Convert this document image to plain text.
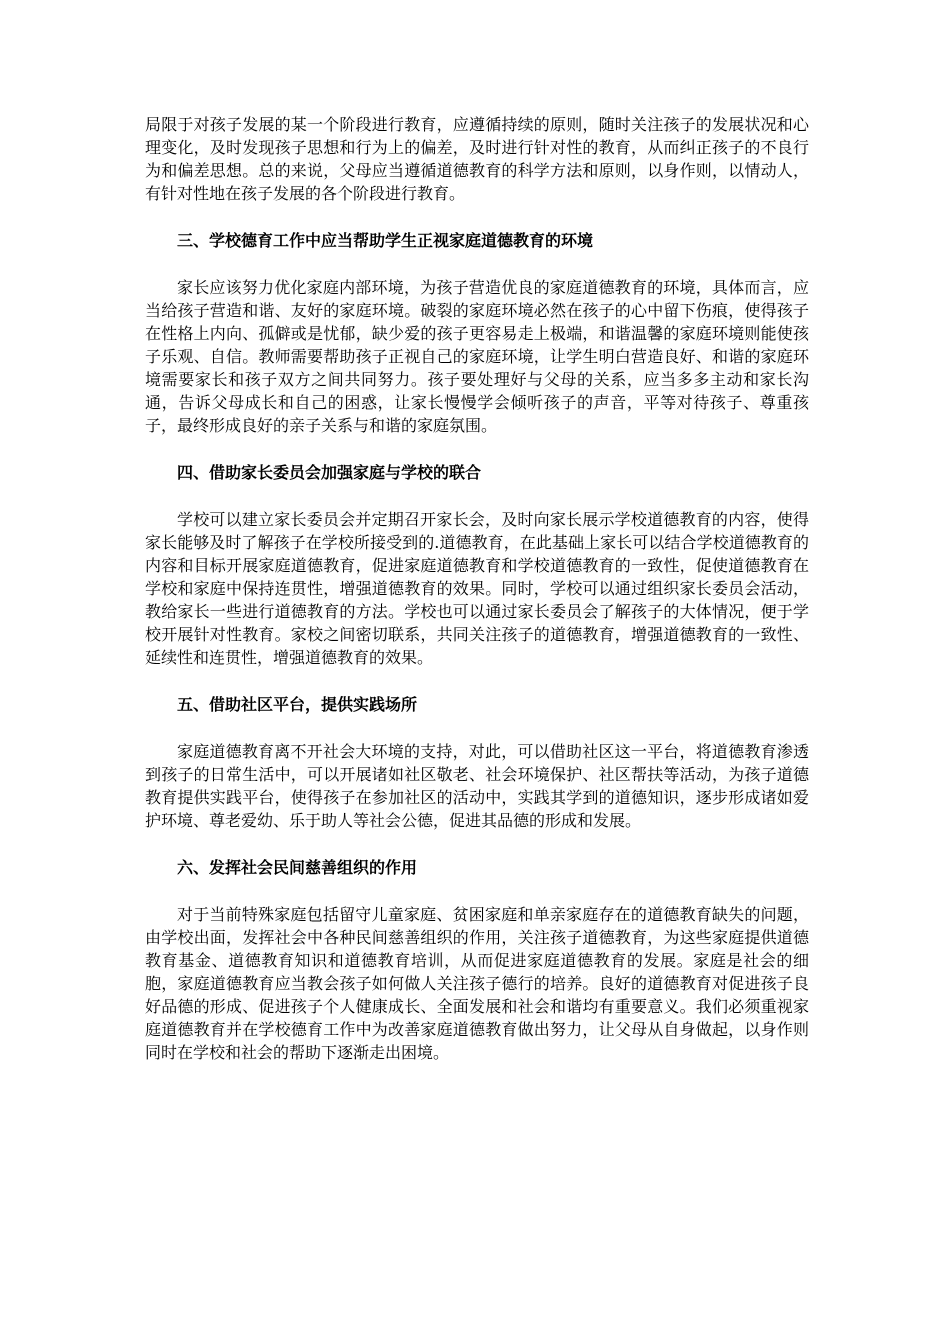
局限于对孩子发展的某一个阶段进行教育，应遵循持续的原则，随时关注孩子的发展状况和心理变化，及时发现孩子思想和行为上的偏差，及时进行针对性的教育，从而纠正孩子的不良行为和偏差思想。总的来说，父母应当遵循道德教育的科学方法和原则，以身作则，以情动人，有针对性地在孩子发展的各个阶段进行教育。

三、学校德育工作中应当帮助学生正视家庭道德教育的环境

家长应该努力优化家庭内部环境，为孩子营造优良的家庭道德教育的环境，具体而言，应当给孩子营造和谐、友好的家庭环境。破裂的家庭环境必然在孩子的心中留下伤痕，使得孩子在性格上内向、孤僻或是忧郁，缺少爱的孩子更容易走上极端，和谐温馨的家庭环境则能使孩子乐观、自信。教师需要帮助孩子正视自己的家庭环境，让学生明白营造良好、和谐的家庭环境需要家长和孩子双方之间共同努力。孩子要处理好与父母的关系，应当多多主动和家长沟通，告诉父母成长和自己的困惑，让家长慢慢学会倾听孩子的声音，平等对待孩子、尊重孩子，最终形成良好的亲子关系与和谐的家庭氛围。

四、借助家长委员会加强家庭与学校的联合

学校可以建立家长委员会并定期召开家长会，及时向家长展示学校道德教育的内容，使得家长能够及时了解孩子在学校所接受到的.道德教育，在此基础上家长可以结合学校道德教育的内容和目标开展家庭道德教育，促进家庭道德教育和学校道德教育的一致性，促使道德教育在学校和家庭中保持连贯性，增强道德教育的效果。同时，学校可以通过组织家长委员会活动，教给家长一些进行道德教育的方法。学校也可以通过家长委员会了解孩子的大体情况，便于学校开展针对性教育。家校之间密切联系，共同关注孩子的道德教育，增强道德教育的一致性、延续性和连贯性，增强道德教育的效果。

五、借助社区平台，提供实践场所

家庭道德教育离不开社会大环境的支持，对此，可以借助社区这一平台，将道德教育渗透到孩子的日常生活中，可以开展诸如社区敬老、社会环境保护、社区帮扶等活动，为孩子道德教育提供实践平台，使得孩子在参加社区的活动中，实践其学到的道德知识，逐步形成诸如爱护环境、尊老爱幼、乐于助人等社会公德，促进其品德的形成和发展。

六、发挥社会民间慈善组织的作用

对于当前特殊家庭包括留守儿童家庭、贫困家庭和单亲家庭存在的道德教育缺失的问题，由学校出面，发挥社会中各种民间慈善组织的作用，关注孩子道德教育，为这些家庭提供道德教育基金、道德教育知识和道德教育培训，从而促进家庭道德教育的发展。家庭是社会的细胞，家庭道德教育应当教会孩子如何做人关注孩子德行的培养。良好的道德教育对促进孩子良好品德的形成、促进孩子个人健康成长、全面发展和社会和谐均有重要意义。我们必须重视家庭道德教育并在学校德育工作中为改善家庭道德教育做出努力，让父母从自身做起，以身作则同时在学校和社会的帮助下逐渐走出困境。
